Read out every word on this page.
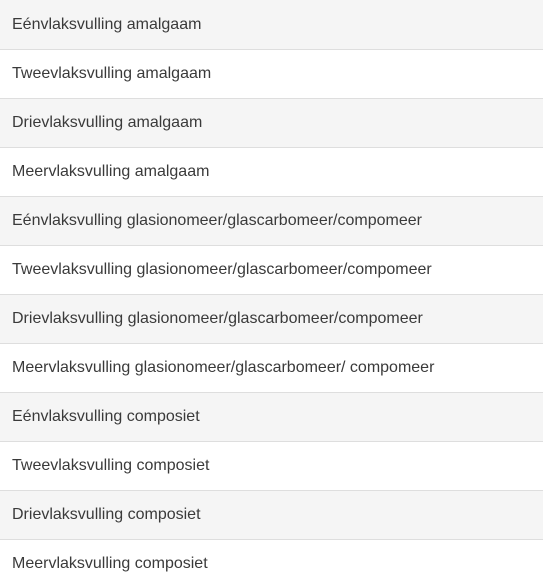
Eénvlaksvulling amalgaam
Tweevlaksvulling amalgaam
Drievlaksvulling amalgaam
Meervlaksvulling amalgaam
Eénvlaksvulling glasionomeer/glascarbomeer/compomeer
Tweevlaksvulling glasionomeer/glascarbomeer/compomeer
Drievlaksvulling glasionomeer/glascarbomeer/compomeer
Meervlaksvulling glasionomeer/glascarbomeer/ compomeer
Eénvlaksvulling composiet
Tweevlaksvulling composiet
Drievlaksvulling composiet
Meervlaksvulling composiet
